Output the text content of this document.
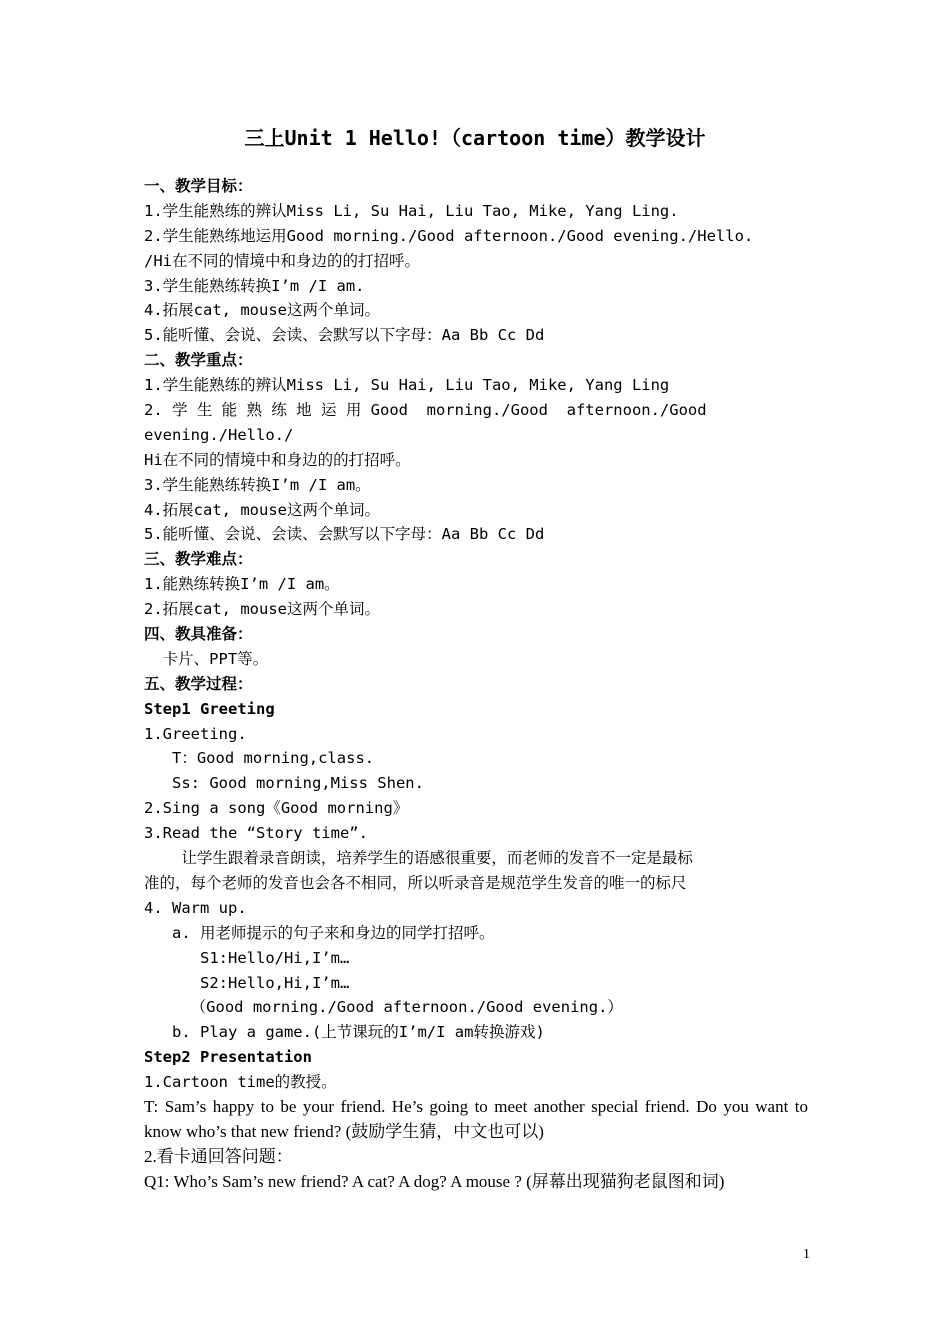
三上Unit 1 Hello!（cartoon time）教学设计
一、教学目标：
1.学生能熟练的辨认Miss Li, Su Hai, Liu Tao, Mike, Yang Ling.
2.学生能熟练地运用Good morning./Good afternoon./Good evening./Hello.
/Hi在不同的情境中和身边的的打招呼。
3.学生能熟练转换I’m /I am.
4.拓展cat, mouse这两个单词。
5.能听懂、会说、会读、会默写以下字母：Aa Bb Cc Dd
二、教学重点：
1.学生能熟练的辨认Miss Li, Su Hai, Liu Tao, Mike, Yang Ling
2. 学 生 能 熟 练 地 运 用 Good  morning./Good  afternoon./Good
evening./Hello./
Hi在不同的情境中和身边的的打招呼。
3.学生能熟练转换I’m /I am。
4.拓展cat, mouse这两个单词。
5.能听懂、会说、会读、会默写以下字母：Aa Bb Cc Dd
三、教学难点：
1.能熟练转换I’m /I am。
2.拓展cat, mouse这两个单词。
四、教具准备：
卡片、PPT等。
五、教学过程：
Step1 Greeting
1.Greeting.
T：Good morning,class.
Ss: Good morning,Miss Shen.
2.Sing a song《Good morning》
3.Read the “Story time”.
让学生跟着录音朗读，培养学生的语感很重要，而老师的发音不一定是最标
准的，每个老师的发音也会各不相同，所以听录音是规范学生发音的唯一的标尺
4. Warm up.
a. 用老师提示的句子来和身边的同学打招呼。
S1:Hello/Hi,I’m…
S2:Hello,Hi,I’m…
（Good morning./Good afternoon./Good evening.）
b. Play a game.(上节课玩的I’m/I am转换游戏)
Step2 Presentation
1.Cartoon time的教授。
T: Sam’s happy to be your friend. He’s going to meet another special friend. Do you want to know who’s that new friend? (鼓励学生猜，中文也可以)
2.看卡通回答问题：
Q1: Who’s Sam’s new friend? A cat? A dog? A mouse ? (屏幕出现猫狗老鼠图和词)
1
